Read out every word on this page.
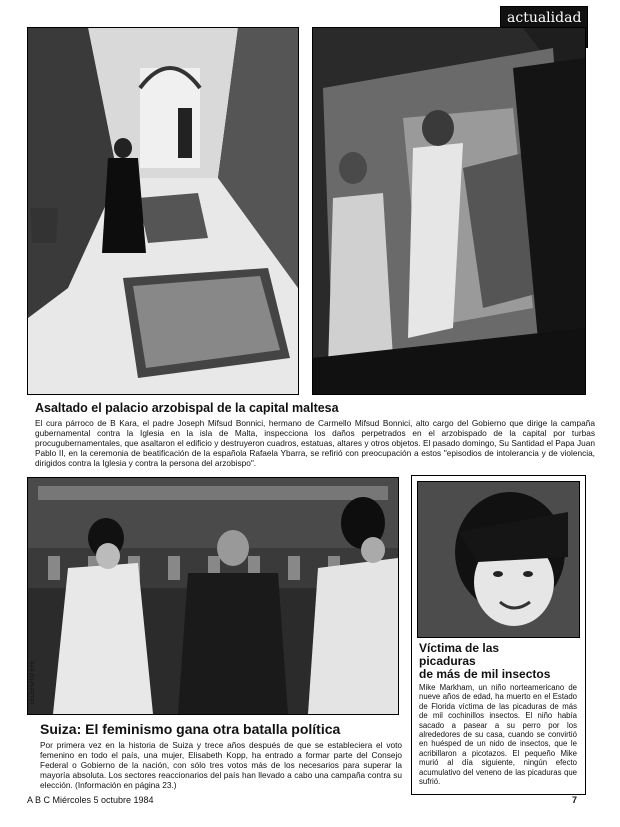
actualidad
Asaltado el palacio arzobispal de la capital maltesa
El cura párroco de B Kara, el padre Joseph Mifsud Bonnici, hermano de Carmello Mifsud Bonnici, alto cargo del Gobierno que dirige la campaña gubernamental contra la Iglesia en la isla de Malta, inspecciona los daños perpetrados en el arzobispado de la capital por turbas procugubernamentales, que asaltaron el edificio y destruyeron cuadros, estatuas, altares y otros objetos. El pasado domingo, Su Santidad el Papa Juan Pablo II, en la ceremonia de beatificación de la española Rafaela Ybarra, se refirió con preocupación a estos "episodios de intolerancia y de violencia, dirigidos contra la Iglesia y contra la persona del arzobispo".
TELEFOTO EFE
Suiza: El feminismo gana otra batalla política
Por primera vez en la historia de Suiza y trece años después de que se estableciera el voto femenino en todo el país, una mujer, Elisabeth Kopp, ha entrado a formar parte del Consejo Federal o Gobierno de la nación, con sólo tres votos más de los necesarios para superar la mayoría absoluta. Los sectores reaccionarios del país han llevado a cabo una campaña contra su elección. (Información en página 23.)
Víctima de las
picaduras
de más de mil insectos
Mike Markham, un niño norteamericano de nueve años de edad, ha muerto en el Estado de Florida víctima de las picaduras de más de mil cochinillos insectos. El niño había sacado a pasear a su perro por los alrededores de su casa, cuando se convirtió en huésped de un nido de insectos, que le acribillaron a picotazos. El pequeño Mike murió al día siguiente, ningún efecto acumulativo del veneno de las picaduras que sufrió.
A B C Miércoles 5 octubre 1984	7
